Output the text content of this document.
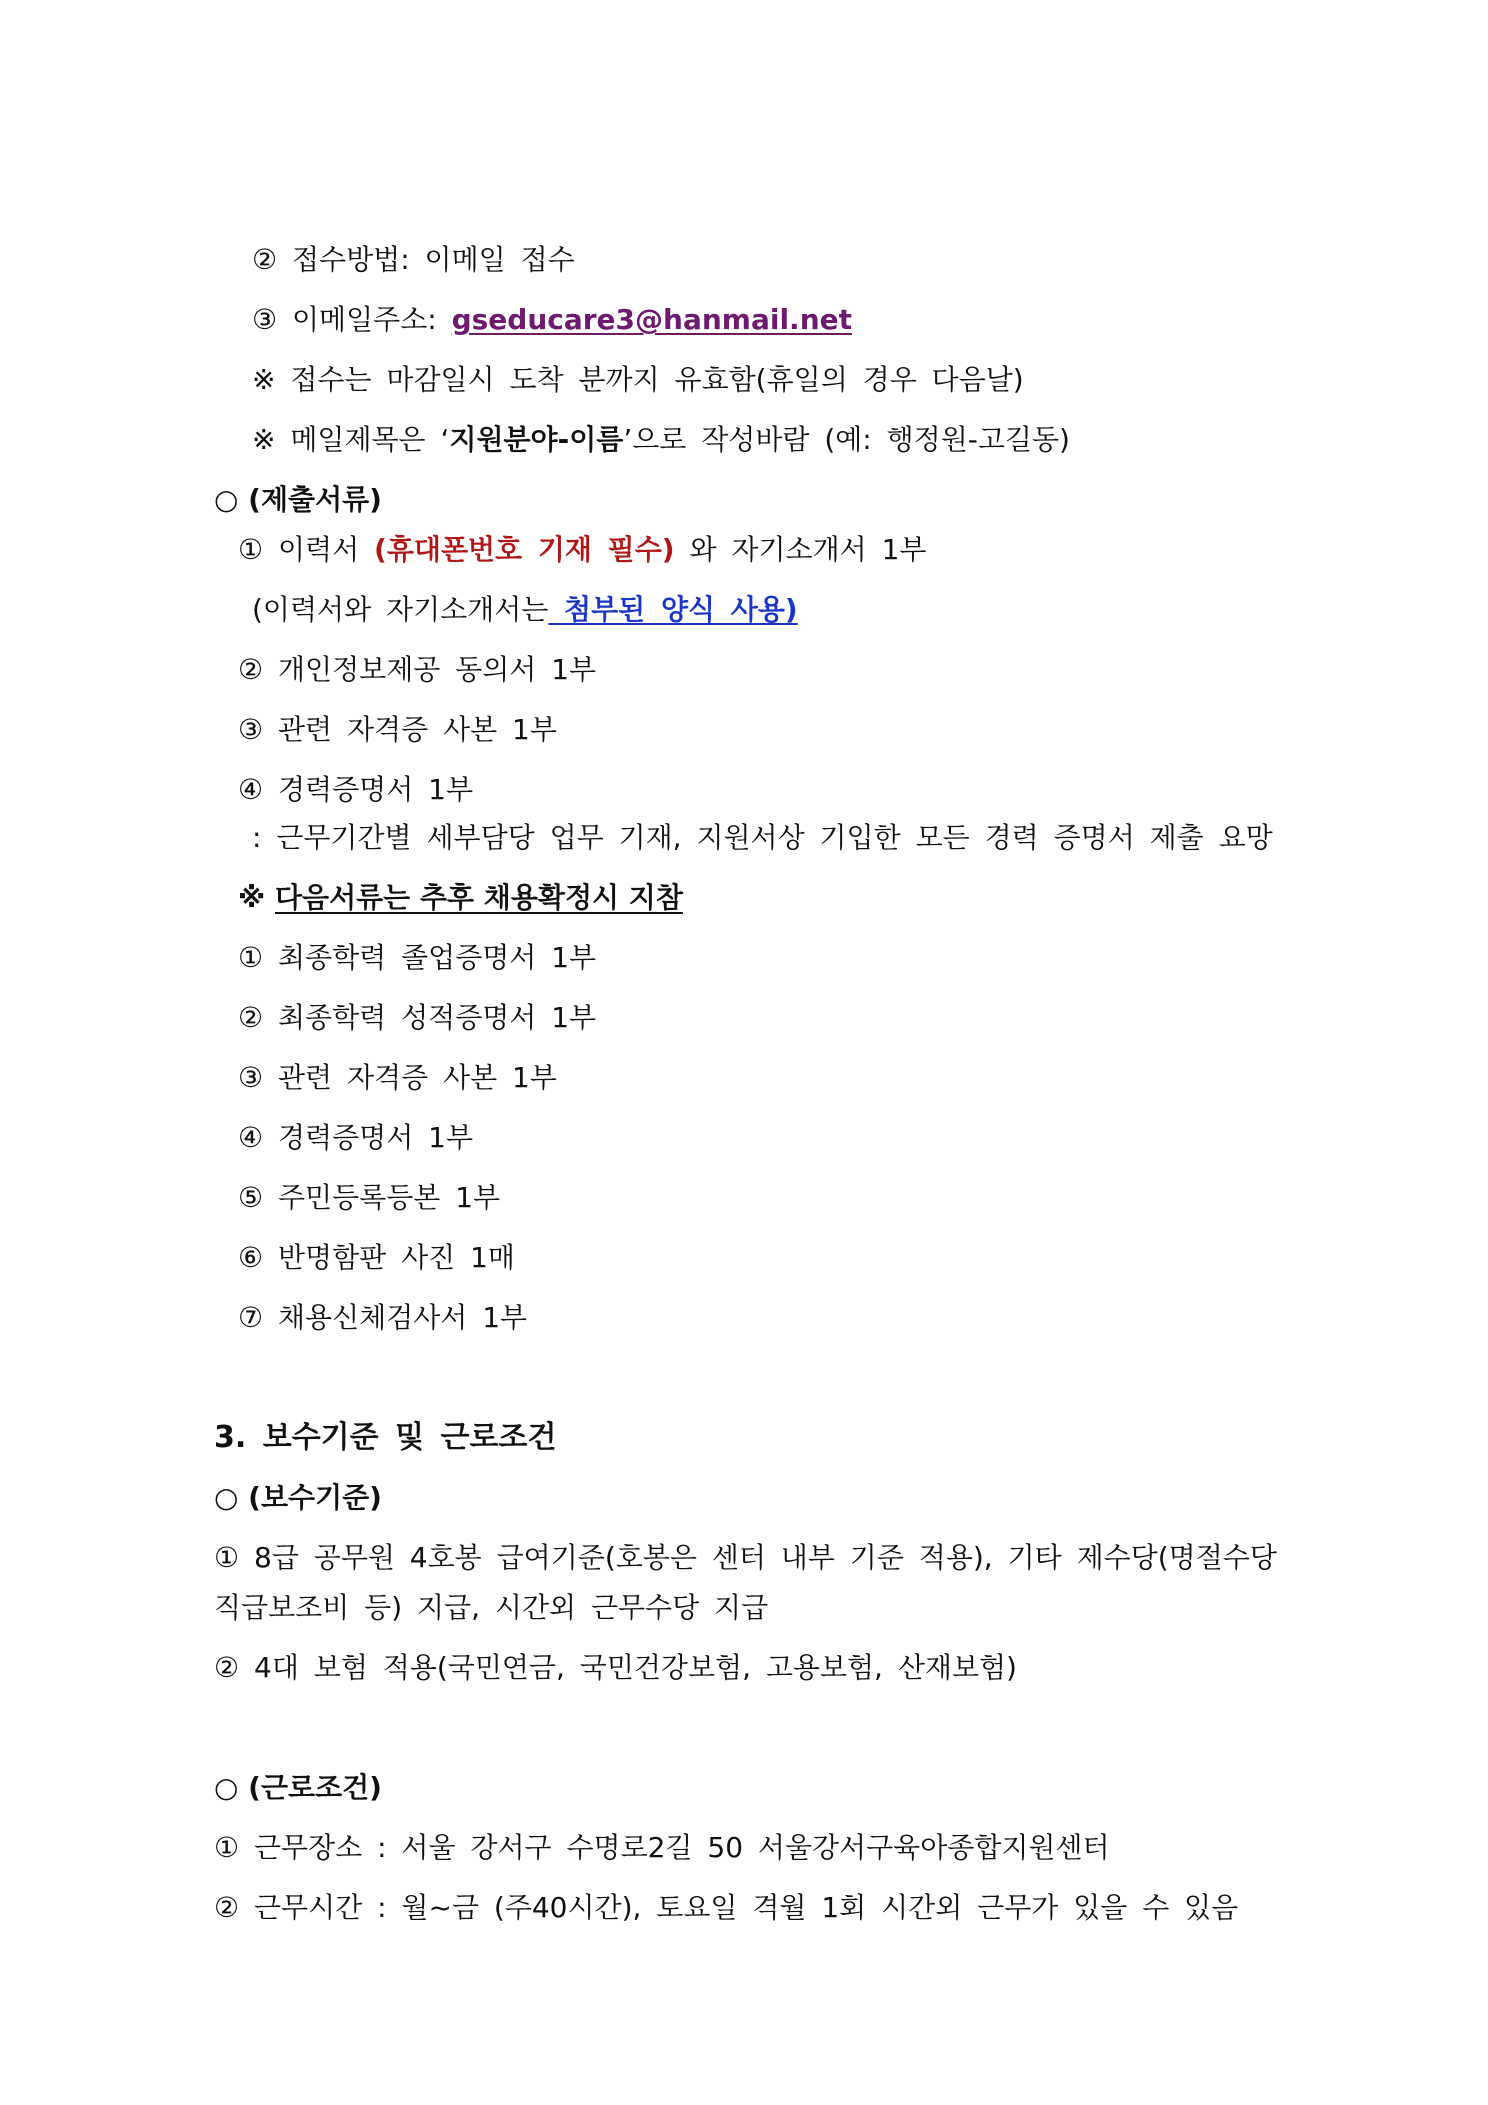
② 접수방법: 이메일 접수
③ 이메일주소: gseducare3@hanmail.net
※ 접수는 마감일시 도착 분까지 유효함(휴일의 경우 다음날)
※ 메일제목은 ‘지원분야-이름’으로 작성바람 (예: 행정원-고길동)
○ (제출서류)
① 이력서 (휴대폰번호 기재 필수) 와 자기소개서 1부
(이력서와 자기소개서는 첨부된 양식 사용)
② 개인정보제공 동의서 1부
③ 관련 자격증 사본 1부
④ 경력증명서 1부
: 근무기간별 세부담당 업무 기재, 지원서상 기입한 모든 경력 증명서 제출 요망
※ 다음서류는 추후 채용확정시 지참
① 최종학력 졸업증명서 1부
② 최종학력 성적증명서 1부
③ 관련 자격증 사본 1부
④ 경력증명서 1부
⑤ 주민등록등본 1부
⑥ 반명함판 사진 1매
⑦ 채용신체검사서 1부
3. 보수기준 및 근로조건
○ (보수기준)
① 8급 공무원 4호봉 급여기준(호봉은 센터 내부 기준 적용), 기타 제수당(명절수당
직급보조비 등) 지급, 시간외 근무수당 지급
② 4대 보험 적용(국민연금, 국민건강보험, 고용보험, 산재보험)
○ (근로조건)
① 근무장소 : 서울 강서구 수명로2길 50 서울강서구육아종합지원센터
② 근무시간 : 월~금 (주40시간), 토요일 격월 1회 시간외 근무가 있을 수 있음
